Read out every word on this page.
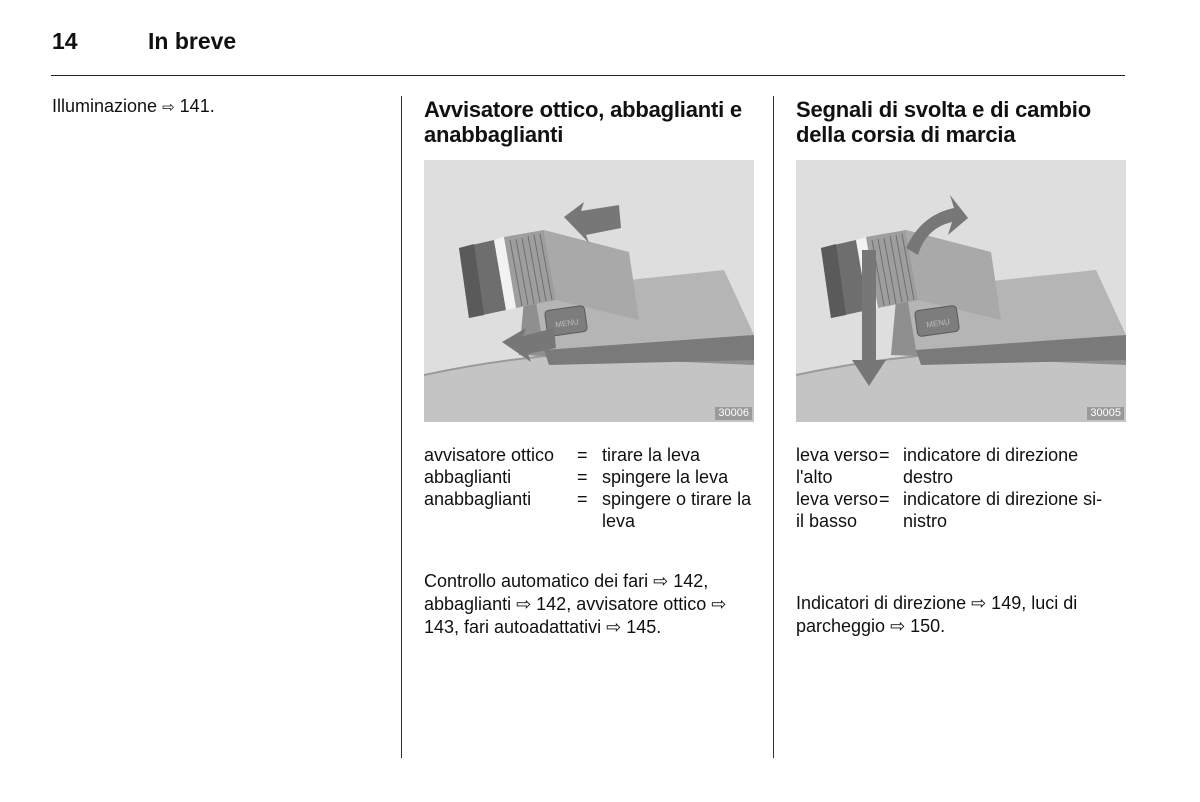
14	In breve
Illuminazione ⇨ 141.	Avvisatore ottico, abbaglianti e anabbaglianti
MENU
30006
avvisatore ottico	=	tirare la leva
abbaglianti	=	spingere la leva
anabbaglianti	=	spingere o tirare la leva
Controllo automatico dei fari ⇨ 142, abbaglianti ⇨ 142, avvisatore ottico ⇨ 143, fari autoadattativi ⇨ 145.
Segnali di svolta e di cambio della corsia di marcia
MENU
30005
leva verso l'alto	=	indicatore di direzione destro
leva verso il basso	=	indicatore di direzione si-nistro
Indicatori di direzione ⇨ 149, luci di parcheggio ⇨ 150.
